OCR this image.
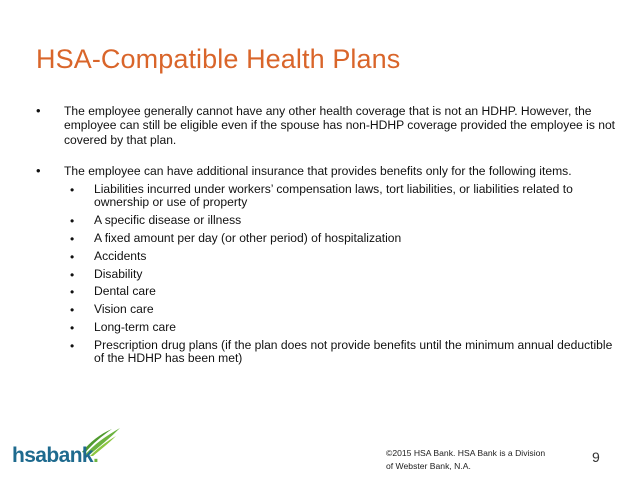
HSA-Compatible Health Plans
• The employee generally cannot have any other health coverage that is not an HDHP. However, the employee can still be eligible even if the spouse has non-HDHP coverage provided the employee is not covered by that plan.
• The employee can have additional insurance that provides benefits only for the following items.
• Liabilities incurred under workers’ compensation laws, tort liabilities, or liabilities related to ownership or use of property
• A specific disease or illness
• A fixed amount per day (or other period) of hospitalization
• Accidents
• Disability
• Dental care
• Vision care
• Long-term care
• Prescription drug plans (if the plan does not provide benefits until the minimum annual deductible of the HDHP has been met)
hsabank.	©2015 HSA Bank. HSA Bank is a Division of Webster Bank, N.A.
9
